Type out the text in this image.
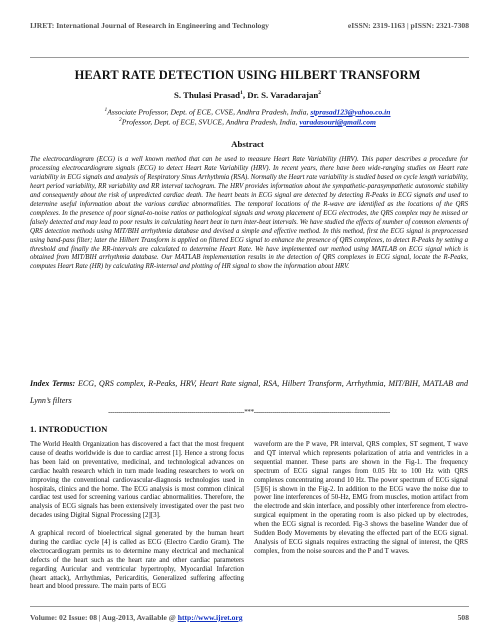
IJRET: International Journal of Research in Engineering and Technology	eISSN: 2319-1163 | pISSN: 2321-7308
HEART RATE DETECTION USING HILBERT TRANSFORM
S. Thulasi Prasad$^1$, Dr. S. Varadarajan$^2$
$^1$Associate Professor, Dept. of ECE, CVSE, Andhra Pradesh, India, stprasad123@yahoo.co.in
$^2$Professor, Dept. of ECE, SVUCE, Andhra Pradesh, India, varadasouri@gmail.com
Abstract
The electrocardiogram (ECG) is a well known method that can be used to measure Heart Rate Variability (HRV). This paper describes a procedure for processing electrocardiogram signals (ECG) to detect Heart Rate Variability (HRV). In recent years, there have been wide-ranging studies on Heart rate variability in ECG signals and analysis of Respiratory Sinus Arrhythmia (RSA). Normally the Heart rate variability is studied based on cycle length variability, heart period variability, RR variability and RR interval tachogram. The HRV provides information about the sympathetic-parasympathetic autonomic stability and consequently about the risk of unpredicted cardiac death. The heart beats in ECG signal are detected by detecting R-Peaks in ECG signals and used to determine useful information about the various cardiac abnormalities. The temporal locations of the R-wave are identified as the locations of the QRS complexes. In the presence of poor signal-to-noise ratios or pathological signals and wrong placement of ECG electrodes, the QRS complex may be missed or falsely detected and may lead to poor results in calculating heart beat in turn inter-beat intervals. We have studied the effects of number of common elements of QRS detection methods using MIT/BIH arrhythmia database and devised a simple and effective method. In this method, first the ECG signal is preprocessed using band-pass filter; later the Hilbert Transform is applied on filtered ECG signal to enhance the presence of QRS complexes, to detect R-Peaks by setting a threshold and finally the RR-intervals are calculated to determine Heart Rate. We have implemented our method using MATLAB on ECG signal which is obtained from MIT/BIH arrhythmia database. Our MATLAB implementation results in the detection of QRS complexes in ECG signal, locate the R-Peaks, computes Heart Rate (HR) by calculating RR-internal and plotting of HR signal to show the information about HRV.
Index Terms: ECG, QRS complex, R-Peaks, HRV, Heart Rate signal, RSA, Hilbert Transform, Arrhythmia, MIT/BIH, MATLAB and Lynn’s filters
-------------------------------------------------------------------***-------------------------------------------------------------------
1. INTRODUCTION

The World Health Organization has discovered a fact that the most frequent cause of deaths worldwide is due to cardiac arrest [1]. Hence a strong focus has been laid on preventative, medicinal, and technological advances on cardiac health research which in turn made leading researchers to work on improving the conventional cardiovascular-diagnosis technologies used in hospitals, clinics and the home. The ECG analysis is most common clinical cardiac test used for screening various cardiac abnormalities. Therefore, the analysis of ECG signals has been extensively investigated over the past two decades using Digital Signal Processing [2][3].

A graphical record of bioelectrical signal generated by the human heart during the cardiac cycle [4] is called as ECG (Electro Cardio Gram). The electrocardiogram permits us to determine many electrical and mechanical defects of the heart such as the heart rate and other cardiac parameters regarding Auricular and ventricular hypertrophy, Myocardial Infarction (heart attack), Arrhythmias, Pericarditis, Generalized suffering affecting heart and blood pressure. The main parts of ECG

waveform are the P wave, PR interval, QRS complex, ST segment, T wave and QT interval which represents polarization of atria and ventricles in a sequential manner. These parts are shown in the Fig-1. The frequency spectrum of ECG signal ranges from 0.05 Hz to 100 Hz with QRS complexes concentrating around 10 Hz. The power spectrum of ECG signal [5][6] is shown in the Fig-2. In addition to the ECG wave the noise due to power line interferences of 50-Hz, EMG from muscles, motion artifact from the electrode and skin interface, and possibly other interference from electro-surgical equipment in the operating room is also picked up by electrodes, when the ECG signal is recorded. Fig-3 shows the baseline Wander due of Sudden Body Movements by elevating the effected part of the ECG signal. Analysis of ECG signals requires extracting the signal of interest, the QRS complex, from the noise sources and the P and T waves.

Volume: 02 Issue: 08 | Aug-2013, Available @ http://www.ijret.org	508
